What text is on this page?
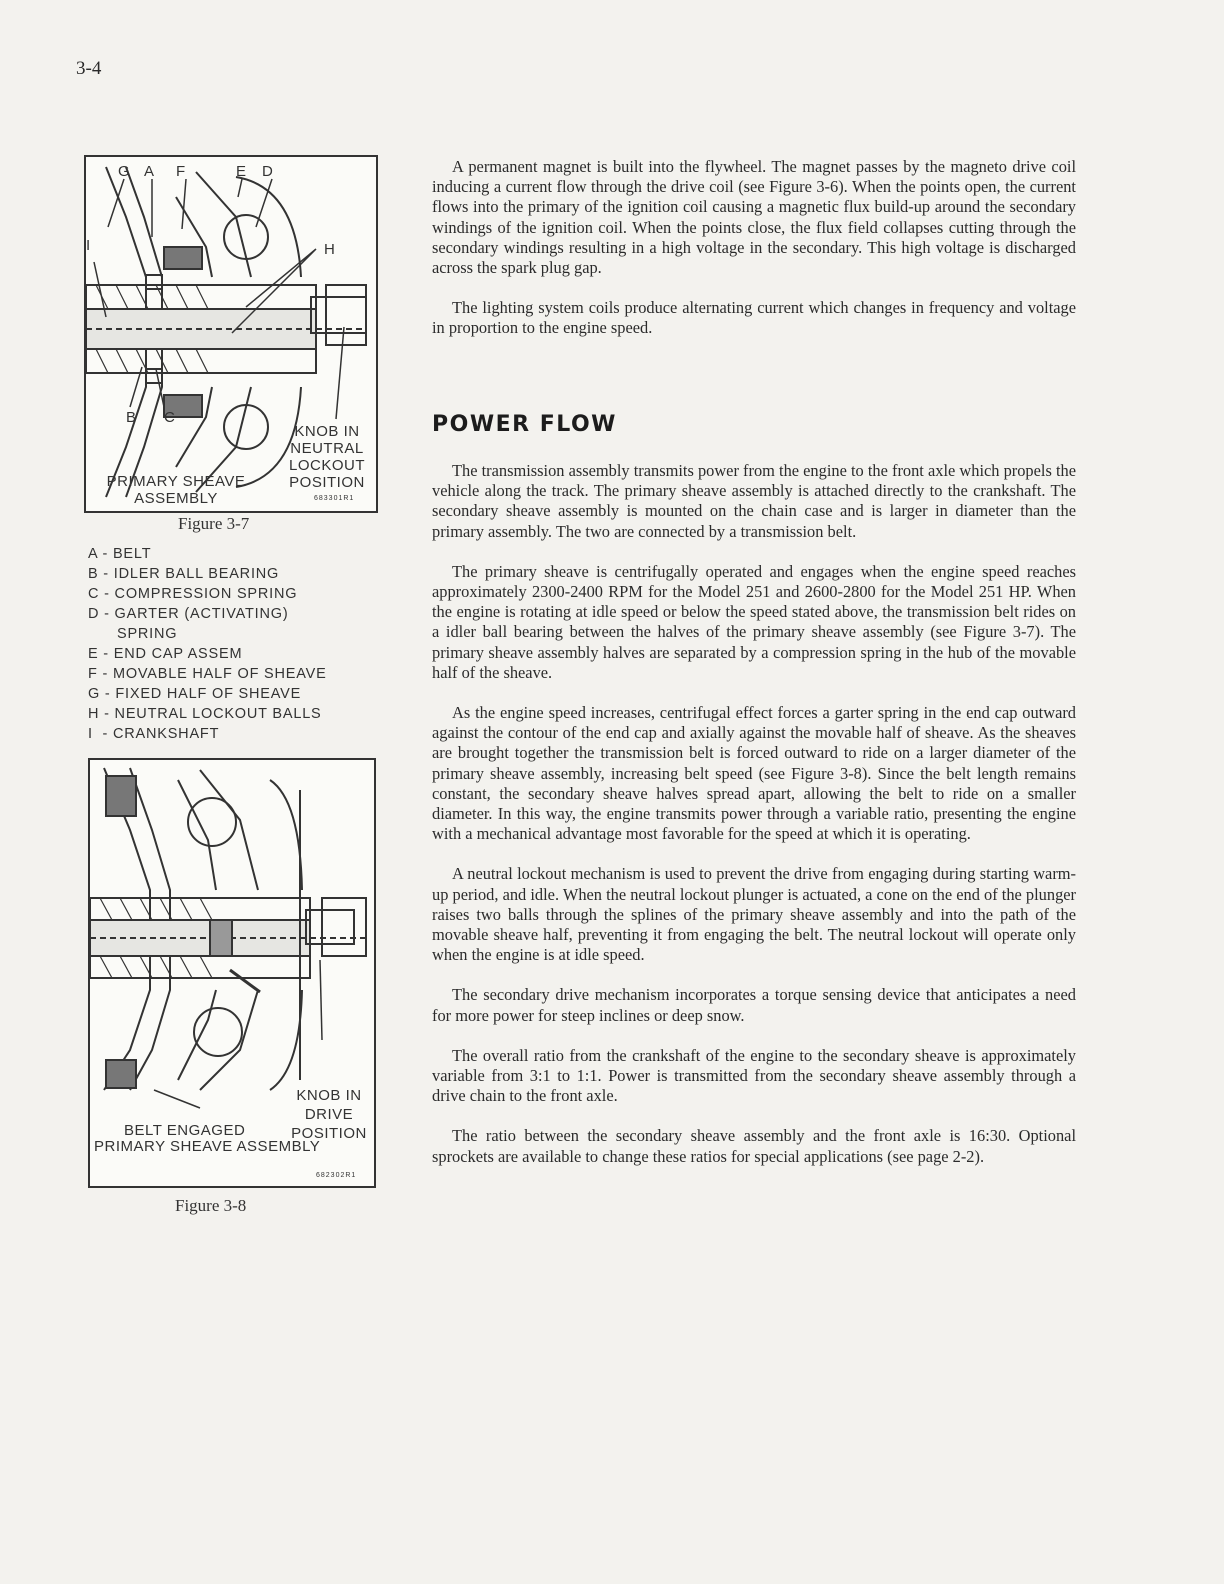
3-4
G A F	E D
H
I
B C
KNOB IN
NEUTRAL
LOCKOUT
POSITION
PRIMARY SHEAVE
ASSEMBLY	683301R1
Figure 3-7
A - BELT
B - IDLER BALL BEARING
C - COMPRESSION SPRING
D - GARTER (ACTIVATING)
SPRING
E - END CAP ASSEM
F - MOVABLE HALF OF SHEAVE
G - FIXED HALF OF SHEAVE
H - NEUTRAL LOCKOUT BALLS
I  - CRANKSHAFT
KNOB IN
DRIVE
POSITION
BELT ENGAGED
PRIMARY SHEAVE ASSEMBLY
682302R1
Figure 3-8

A permanent magnet is built into the flywheel. The magnet passes by the magneto drive coil inducing a current flow through the drive coil (see Figure 3-6). When the points open, the current flows into the primary of the ignition coil causing a magnetic flux build-up around the secondary windings of the ignition coil. When the points close, the flux field collapses cutting through the secondary windings resulting in a high voltage in the secondary. This high voltage is discharged across the spark plug gap.

The lighting system coils produce alternating current which changes in frequency and voltage in proportion to the engine speed.

POWER FLOW

The transmission assembly transmits power from the engine to the front axle which propels the vehicle along the track. The primary sheave assembly is attached directly to the crankshaft. The secondary sheave assembly is mounted on the chain case and is larger in diameter than the primary assembly. The two are connected by a transmission belt.

The primary sheave is centrifugally operated and engages when the engine speed reaches approximately 2300-2400 RPM for the Model 251 and 2600-2800 for the Model 251 HP. When the engine is rotating at idle speed or below the speed stated above, the transmission belt rides on a idler ball bearing between the halves of the primary sheave assembly (see Figure 3-7). The primary sheave assembly halves are separated by a compression spring in the hub of the movable half of the sheave.

As the engine speed increases, centrifugal effect forces a garter spring in the end cap outward against the contour of the end cap and axially against the movable half of sheave. As the sheaves are brought together the transmission belt is forced outward to ride on a larger diameter of the primary sheave assembly, increasing belt speed (see Figure 3-8). Since the belt length remains constant, the secondary sheave halves spread apart, allowing the belt to ride on a smaller diameter. In this way, the engine transmits power through a variable ratio, presenting the engine with a mechanical advantage most favorable for the speed at which it is operating.

A neutral lockout mechanism is used to prevent the drive from engaging during starting warm-up period, and idle. When the neutral lockout plunger is actuated, a cone on the end of the plunger raises two balls through the splines of the primary sheave assembly and into the path of the movable sheave half, preventing it from engaging the belt. The neutral lockout will operate only when the engine is at idle speed.

The secondary drive mechanism incorporates a torque sensing device that anticipates a need for more power for steep inclines or deep snow.

The overall ratio from the crankshaft of the engine to the secondary sheave is approximately variable from 3:1 to 1:1. Power is transmitted from the secondary sheave assembly through a drive chain to the front axle.

The ratio between the secondary sheave assembly and the front axle is 16:30. Optional sprockets are available to change these ratios for special applications (see page 2-2).
